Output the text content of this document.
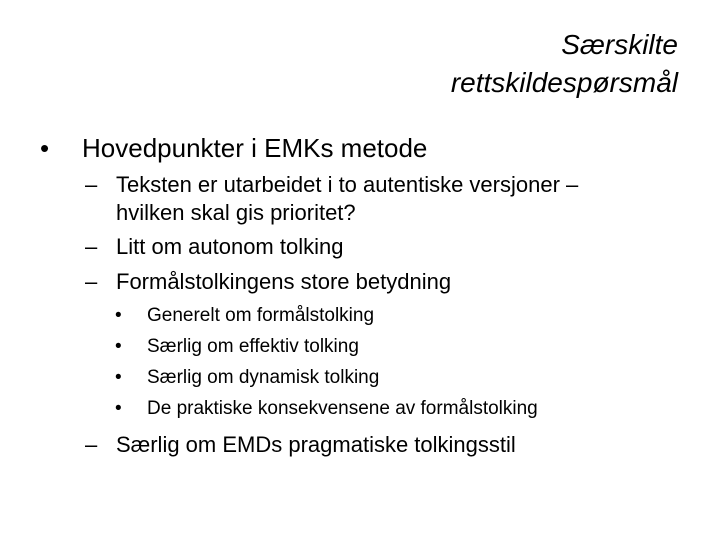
Særskilte
rettskildespørsmål
• Hovedpunkter i EMKs metode
– Teksten er utarbeidet i to autentiske versjoner –
hvilken skal gis prioritet?
– Litt om autonom tolking
– Formålstolkingens store betydning
• Generelt om formålstolking
• Særlig om effektiv tolking
• Særlig om dynamisk tolking
• De praktiske konsekvensene av formålstolking
– Særlig om EMDs pragmatiske tolkingsstil
